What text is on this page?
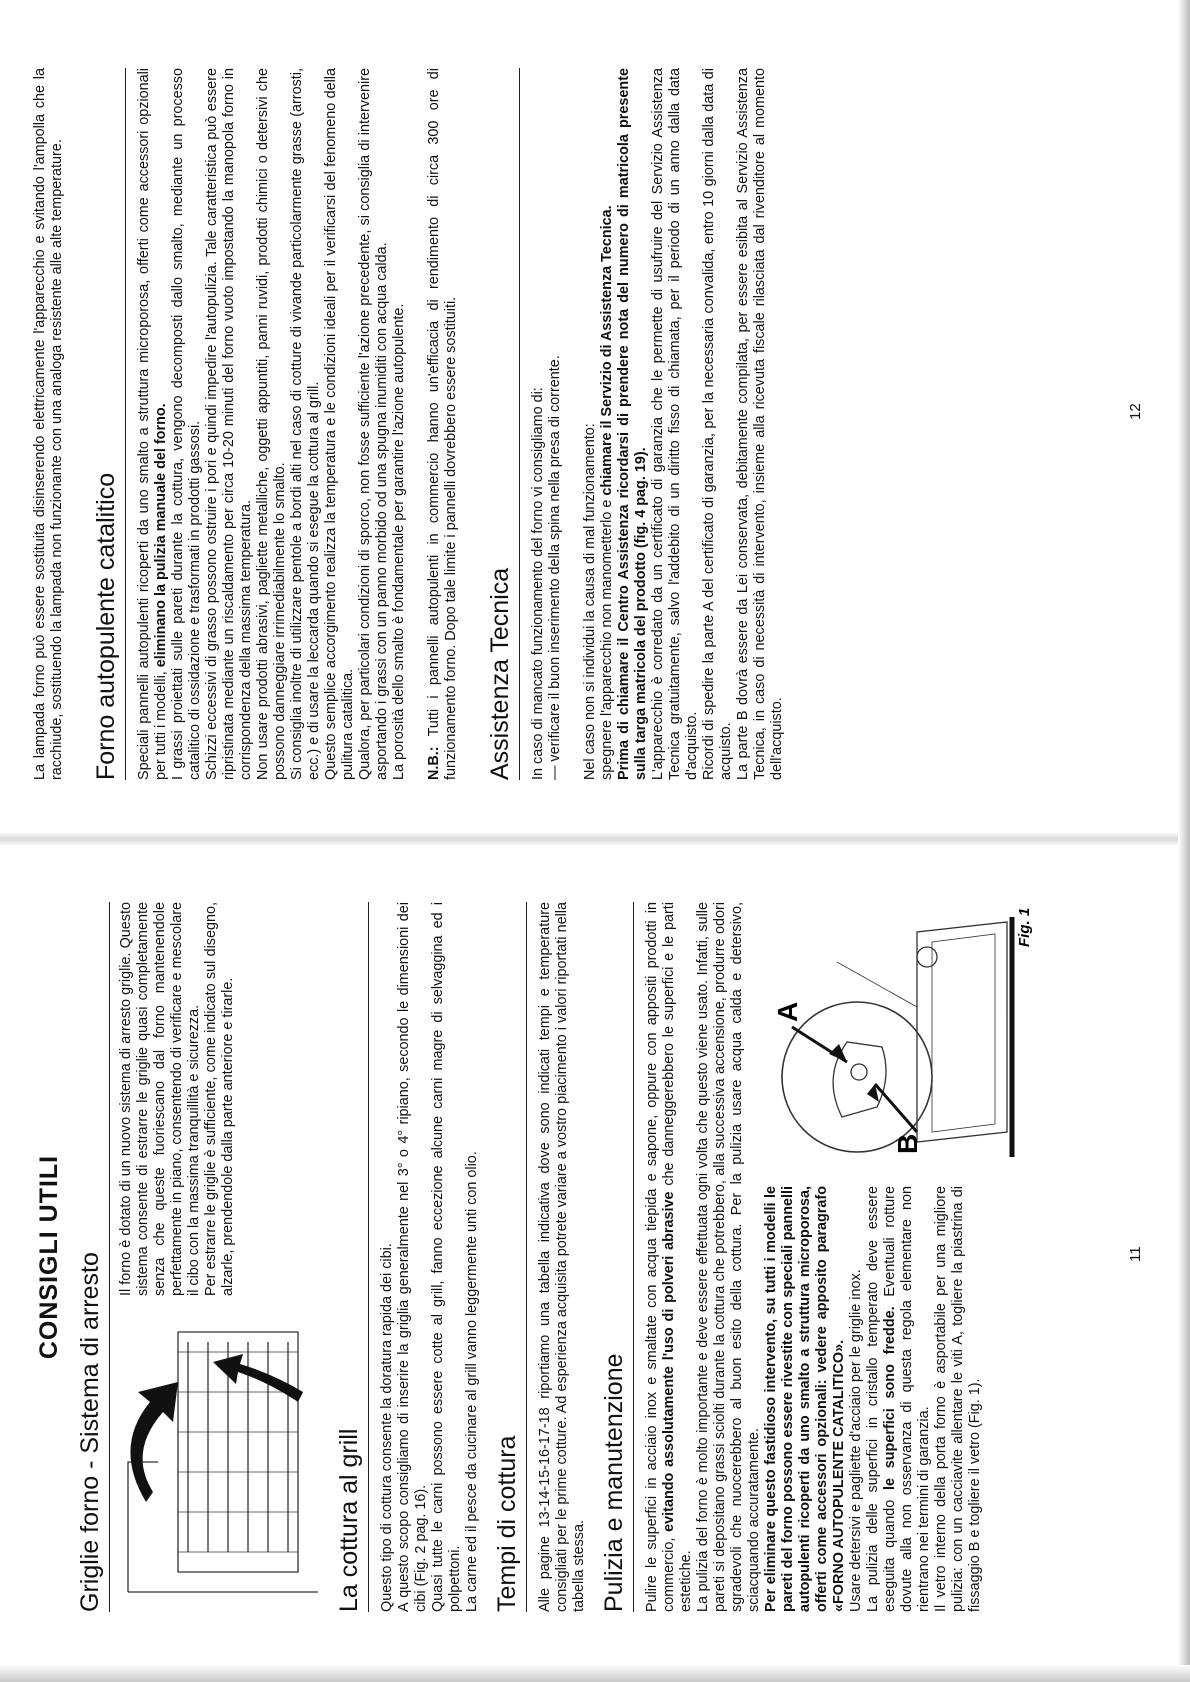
CONSIGLI UTILI Griglie forno - Sistema di arresto

Il forno è dotato di un nuovo sistema di arresto griglie. Questo sistema consente di estrarre le griglie quasi completamente senza che queste fuoriescano dal forno mantenendole perfettamente in piano, consentendo di verificare e mescolare il cibo con la massima tranquillità e sicurezza. Per estrarre le griglie è sufficiente, come indicato sul disegno, alzarle, prendendole dalla parte anteriore e tirarle.

La cottura al grill	Questo tipo di cottura consente la doratura rapida dei cibi. A questo scopo consigliamo di inserire la griglia generalmente nel 3° o 4° ripiano, secondo le dimensioni dei cibi (Fig. 2 pag. 16). Quasi tutte le carni possono essere cotte al grill, fanno eccezione alcune carni magre di selvaggina ed i polpettoni. La carne ed il pesce da cucinare al grill vanno leggermente unti con olio. Tempi di cottura	Alle pagine 13-14-15-16-17-18 riportiamo una tabella indicativa dove sono indicati tempi e temperature consigliati per le prime cotture. Ad esperienza acquisita potrete variare a vostro piacimento i valori riportati nella tabella stessa. Pulizia e manutenzione	Pulire le superfici in acciaio inox e smaltate con acqua tiepida e sapone, oppure con appositi prodotti in commercio, evitando assolutamente l'uso di polveri abrasive che danneggerebbero le superfici e le parti estetiche. La pulizia del forno è molto importante e deve essere effettuata ogni volta che questo viene usato. Infatti, sulle pareti si depositano grassi sciolti durante la cottura che potrebbero, alla successiva accensione, produrre odori sgradevoli che nuocerebbero al buon esito della cottura. Per la pulizia usare acqua calda e detersivo, sciacquando accuratamente.

A
B
Fig. 1

Per eliminare questo fastidioso intervento, su tutti i modelli le pareti del forno possono essere rivestite con speciali pannelli autopulenti ricoperti da uno smalto a struttura microporosa, offerti come accessori opzionali: vedere apposito paragrafo «FORNO AUTOPULENTE CATALITICO». Usare detersivi e pagliette d'acciaio per le griglie inox. La pulizia delle superfici in cristallo temperato deve essere eseguita quando le superfici sono fredde. Eventuali rotture dovute alla non osservanza di questa regola elementare non rientrano nei termini di garanzia. Il vetro interno della porta forno è asportabile per una migliore pulizia: con un cacciavite allentare le viti A, togliere la piastrina di fissaggio B e togliere il vetro (Fig. 1).

11

La lampada forno può essere sostituita disinserendo elettricamente l'apparecchio e svitando l'ampolla che la racchiude, sostituendo la lampada non funzionante con una analoga resistente alle alte temperature. Forno autopulente catalitico	Speciali pannelli autopulenti ricoperti da uno smalto a struttura microporosa, offerti come accessori opzionali per tutti i modelli, eliminano la pulizia manuale del forno. I grassi proiettati sulle pareti durante la cottura, vengono decomposti dallo smalto, mediante un processo catalitico di ossidazione e trasformati in prodotti gassosi. Schizzi eccessivi di grasso possono ostruire i pori e quindi impedire l'autopulizia. Tale caratteristica può essere ripristinata mediante un riscaldamento per circa 10-20 minuti del forno vuoto impostando la manopola forno in corrispondenza della massima temperatura. Non usare prodotti abrasivi, pagliette metalliche, oggetti appuntiti, panni ruvidi, prodotti chimici o detersivi che possono danneggiare irrimediabilmente lo smalto. Si consiglia inoltre di utilizzare pentole a bordi alti nel caso di cotture di vivande particolarmente grasse (arrosti, ecc.) e di usare la leccarda quando si esegue la cottura al grill. Questo semplice accorgimento realizza la temperatura e le condizioni ideali per il verificarsi del fenomeno della pulitura catalitica. Qualora, per particolari condizioni di sporco, non fosse sufficiente l'azione precedente, si consiglia di intervenire asportando i grassi con un panno morbido od una spugna inumiditi con acqua calda. La porosità dello smalto è fondamentale per garantire l'azione autopulente. N.B.: Tutti i pannelli autopulenti in commercio hanno un'efficacia di rendimento di circa 300 ore di funzionamento forno. Dopo tale limite i pannelli dovrebbero essere sostituiti. Assistenza Tecnica	In caso di mancato funzionamento del forno vi consigliamo di: — verificare il buon inserimento della spina nella presa di corrente. Nel caso non si individui la causa di mal funzionamento: spegnere l'apparecchio non manometterlo e chiamare il Servizio di Assistenza Tecnica. Prima di chiamare il Centro Assistenza ricordarsi di prendere nota del numero di matricola presente sulla targa matricola del prodotto (fig. 4 pag. 19). L'apparecchio è corredato da un certificato di garanzia che le permette di usufruire del Servizio Assistenza Tecnica gratuitamente, salvo l'addebito di un diritto fisso di chiamata, per il periodo di un anno dalla data d'acquisto. Ricordi di spedire la parte A del certificato di garanzia, per la necessaria convalida, entro 10 giorni dalla data di acquisto. La parte B dovrà essere da Lei conservata, debitamente compilata, per essere esibita al Servizio Assistenza Tecnica, in caso di necessità di intervento, insieme alla ricevuta fiscale rilasciata dal rivenditore al momento dell'acquisto.

12
